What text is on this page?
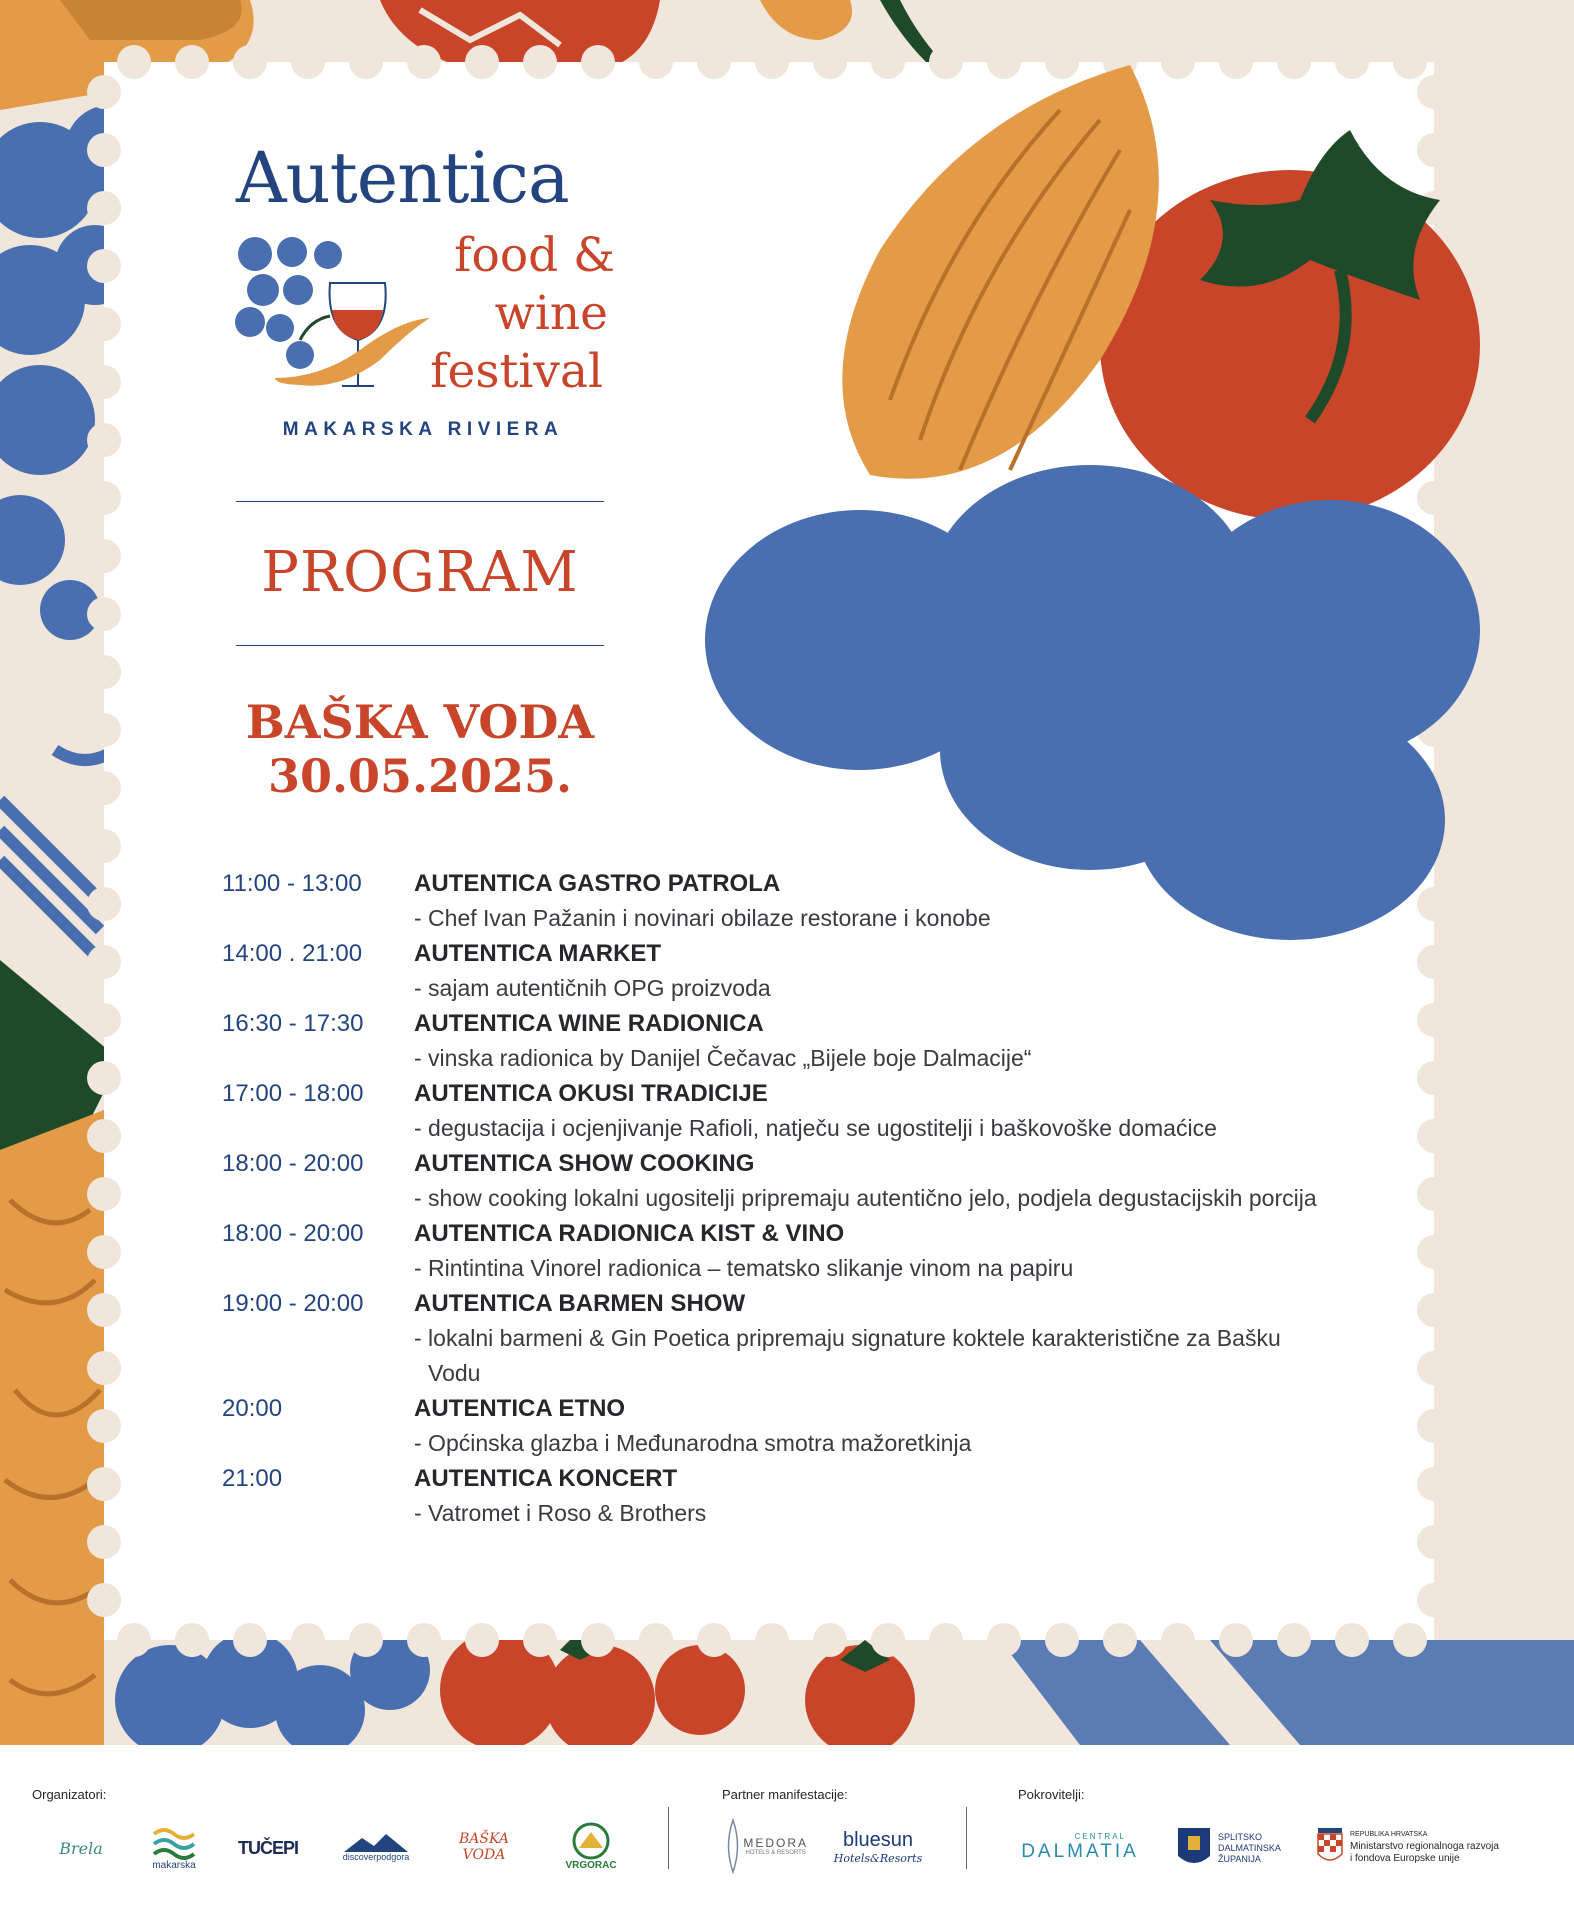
Autentica
food &
wine
festival
MAKARSKA RIVIERA
PROGRAM
BAŠKA VODA
30.05.2025.
11:00 - 13:00 AUTENTICA GASTRO PATROLA
- Chef Ivan Pažanin i novinari obilaze restorane i konobe
14:00 . 21:00 AUTENTICA MARKET
- sajam autentičnih OPG proizvoda
16:30 - 17:30 AUTENTICA WINE RADIONICA
- vinska radionica by Danijel Čečavac „Bijele boje Dalmacije“
17:00 - 18:00 AUTENTICA OKUSI TRADICIJE
- degustacija i ocjenjivanje Rafioli, natječu se ugostitelji i baškovoške domaćice
18:00 - 20:00 AUTENTICA SHOW COOKING
- show cooking lokalni ugositelji pripremaju autentično jelo, podjela degustacijskih porcija
18:00 - 20:00 AUTENTICA RADIONICA KIST & VINO
- Rintintina Vinorel radionica – tematsko slikanje vinom na papiru
19:00 - 20:00 AUTENTICA BARMEN SHOW
- lokalni barmeni & Gin Poetica pripremaju signature koktele karakteristične za Bašku Vodu
20:00	AUTENTICA ETNO
- Općinska glazba i Međunarodna smotra mažoretkinja
21:00	AUTENTICA KONCERT
- Vatromet i Roso & Brothers
Organizatori:	Partner manifestacije:	Pokrovitelji:
Brela
makarska
TUČEPI	discoverpodgora
BAŠKA VODA
VRGORAC
MEDORA
HOTELS & RESORTS
bluesun
Hotels&Resorts
CENTRAL
DALMATIA
SPLITSKO
DALMATINSKA
ŽUPANIJA
REPUBLIKA HRVATSKA
Ministarstvo regionalnoga razvoja
i fondova Europske unije
